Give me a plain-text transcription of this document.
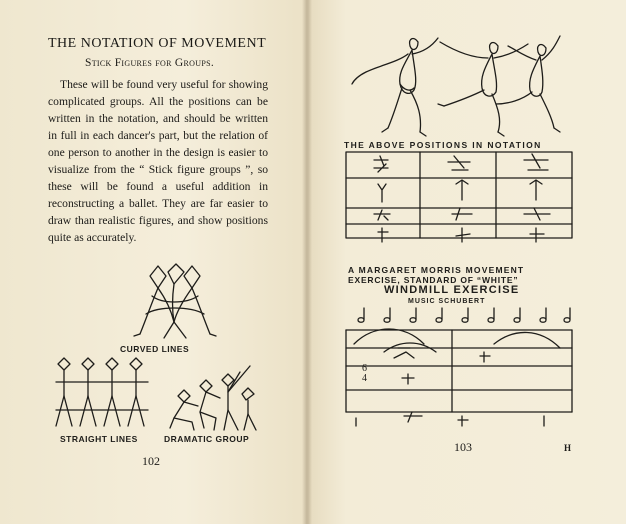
THE NOTATION OF MOVEMENT
Stick Figures for Groups.
These will be found very useful for showing complicated groups. All the positions can be written in the notation, and should be written in full in each dancer's part, but the relation of one person to another in the design is easier to visualize from the “ Stick figure groups ”, so these will be found a useful addition in reconstructing a ballet. They are far easier to draw than realistic figures, and show positions quite as accurately.
CURVED LINES
STRAIGHT LINES	DRAMATIC GROUP
102
THE ABOVE POSITIONS IN NOTATION
A MARGARET MORRIS MOVEMENT
EXERCISE, STANDARD OF “WHITE”
WINDMILL EXERCISE
MUSIC SCHUBERT
6
4
103	H
